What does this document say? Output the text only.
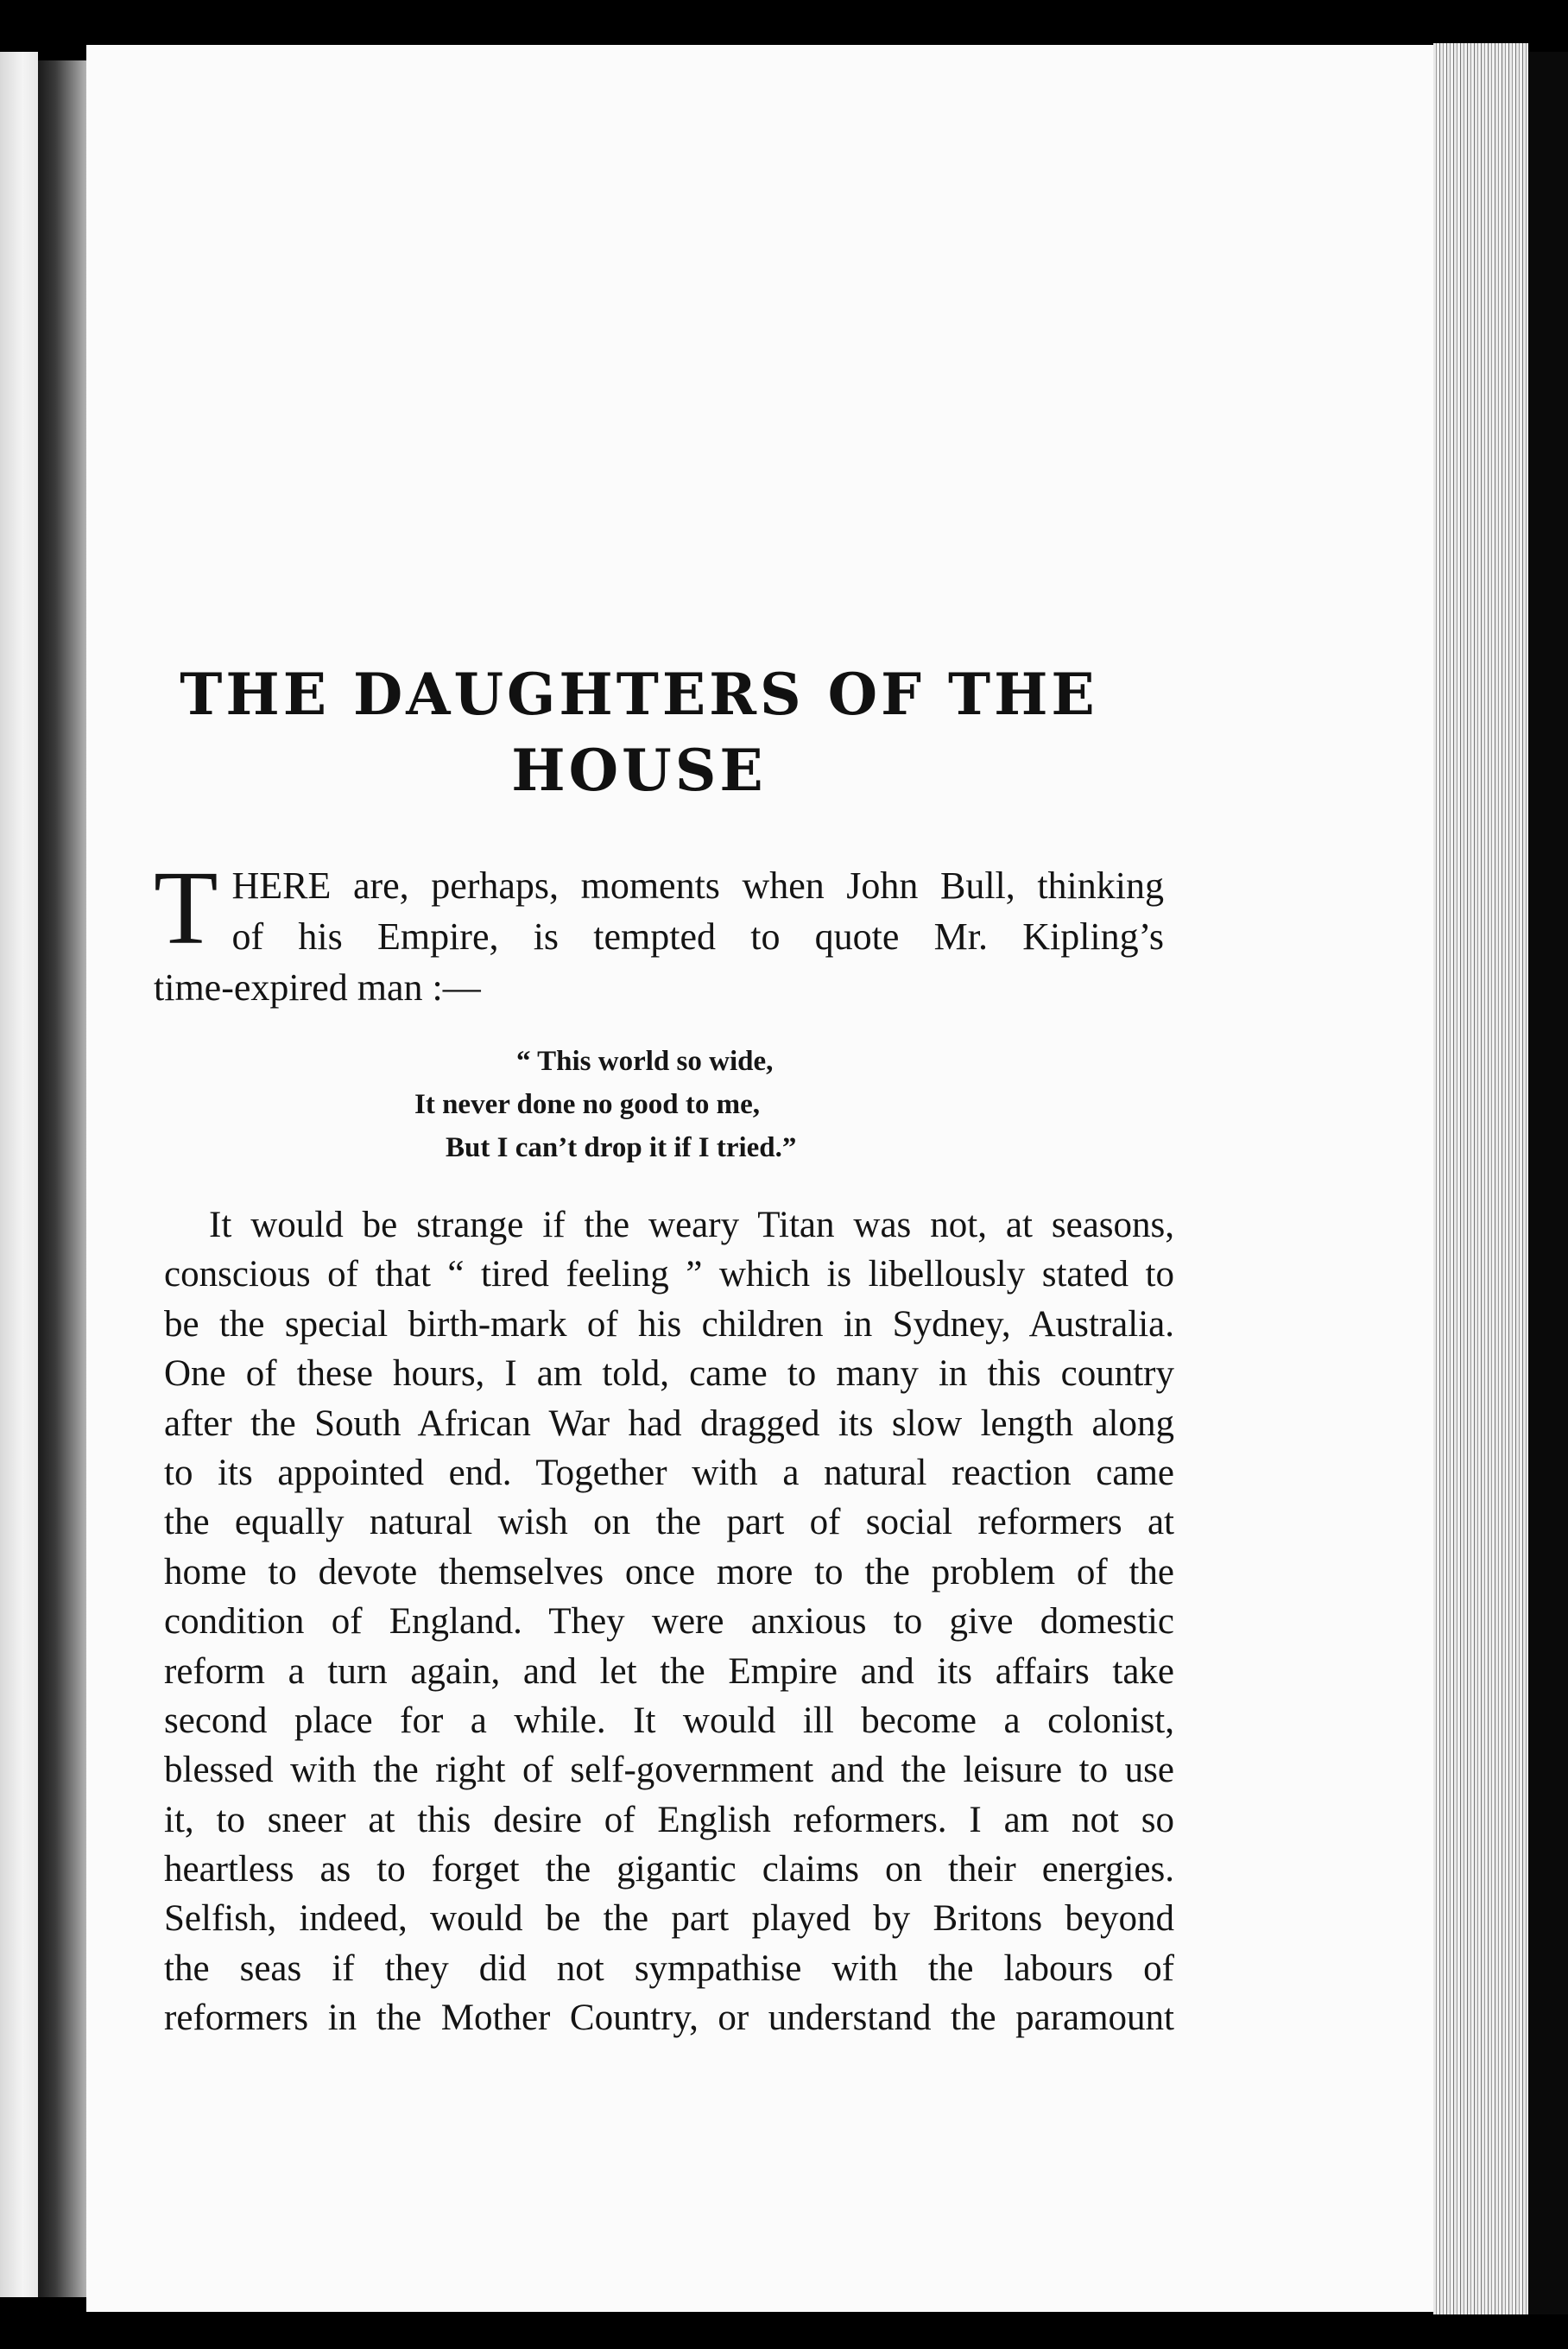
THE DAUGHTERS OF THE
HOUSE
T HERE are, perhaps, moments when John Bull, thinking

of his Empire, is tempted to quote Mr. Kipling’s

time-expired man :—

“ This world so wide,
It never done no good to me,
But I can’t drop it if I tried.”
It would be strange if the weary Titan was not, at seasons,
conscious of that “ tired feeling ” which is libellously stated to
be the special birth-mark of his children in Sydney, Australia.
One of these hours, I am told, came to many in this country
after the South African War had dragged its slow length along
to its appointed end. Together with a natural reaction came
the equally natural wish on the part of social reformers at
home to devote themselves once more to the problem of the
condition of England. They were anxious to give domestic
reform a turn again, and let the Empire and its affairs take
second place for a while. It would ill become a colonist,
blessed with the right of self-government and the leisure to use
it, to sneer at this desire of English reformers. I am not so
heartless as to forget the gigantic claims on their energies.
Selfish, indeed, would be the part played by Britons beyond
the seas if they did not sympathise with the labours of
reformers in the Mother Country, or understand the paramount
